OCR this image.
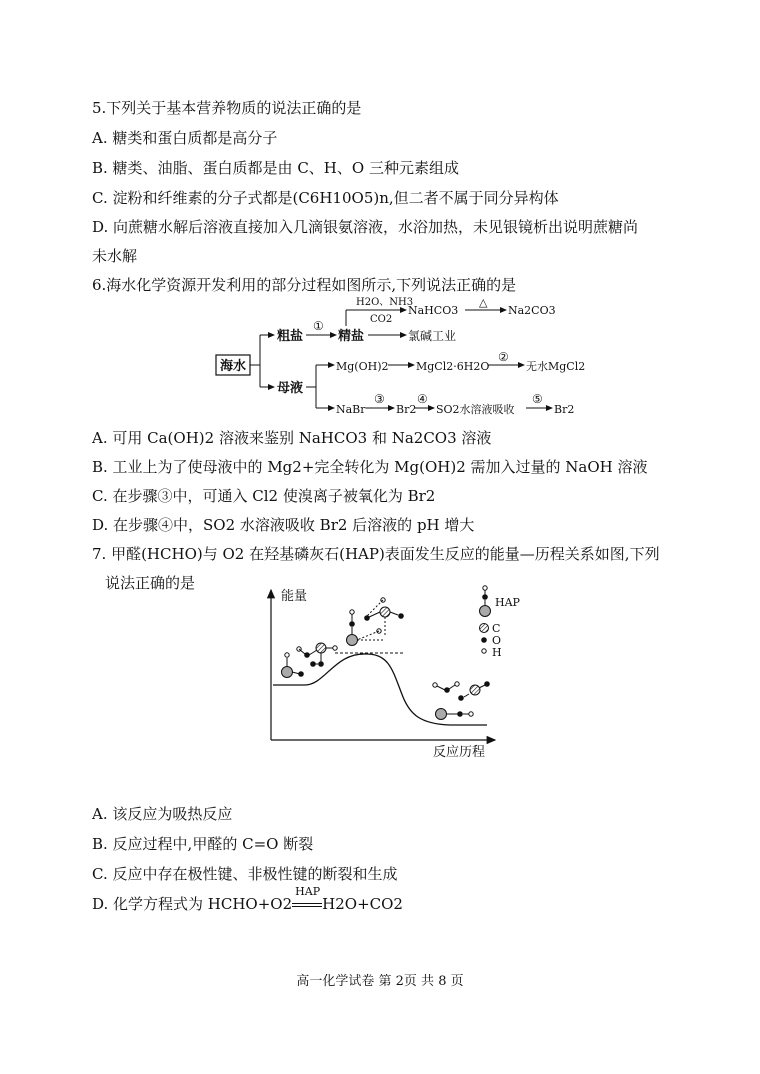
5.下列关于基本营养物质的说法正确的是
A. 糖类和蛋白质都是高分子
B. 糖类、油脂、蛋白质都是由 C、H、O 三种元素组成
C. 淀粉和纤维素的分子式都是(C6H10O5)n,但二者不属于同分异构体
D. 向蔗糖水解后溶液直接加入几滴银氨溶液，水浴加热，未见银镜析出说明蔗糖尚
未水解
6.海水化学资源开发利用的部分过程如图所示,下列说法正确的是
海水
粗盐
①
精盐
H2O、NH3
CO2
NaHCO3
△
Na2CO3
氯碱工业
母液
Mg(OH)2	MgCl2·6H2O
②
无水MgCl2
NaBr
③
Br2
④
SO2水溶液吸收
⑤
Br2
A. 可用 Ca(OH)2 溶液来鉴别 NaHCO3 和 Na2CO3 溶液
B. 工业上为了使母液中的 Mg2+完全转化为 Mg(OH)2 需加入过量的 NaOH 溶液
C. 在步骤③中，可通入 Cl2 使溴离子被氧化为 Br2
D. 在步骤④中，SO2 水溶液吸收 Br2 后溶液的 pH 增大
7. 甲醛(HCHO)与 O2 在羟基磷灰石(HAP)表面发生反应的能量—历程关系如图,下列
说法正确的是
能量
反应历程
HAP
C
O
H
A. 该反应为吸热反应
B. 反应过程中,甲醛的 C=O 断裂
C. 反应中存在极性键、非极性键的断裂和生成
D. 化学方程式为 HCHO+O2
HAP
H2O+CO2
高一化学试卷 第 2页 共 8 页
